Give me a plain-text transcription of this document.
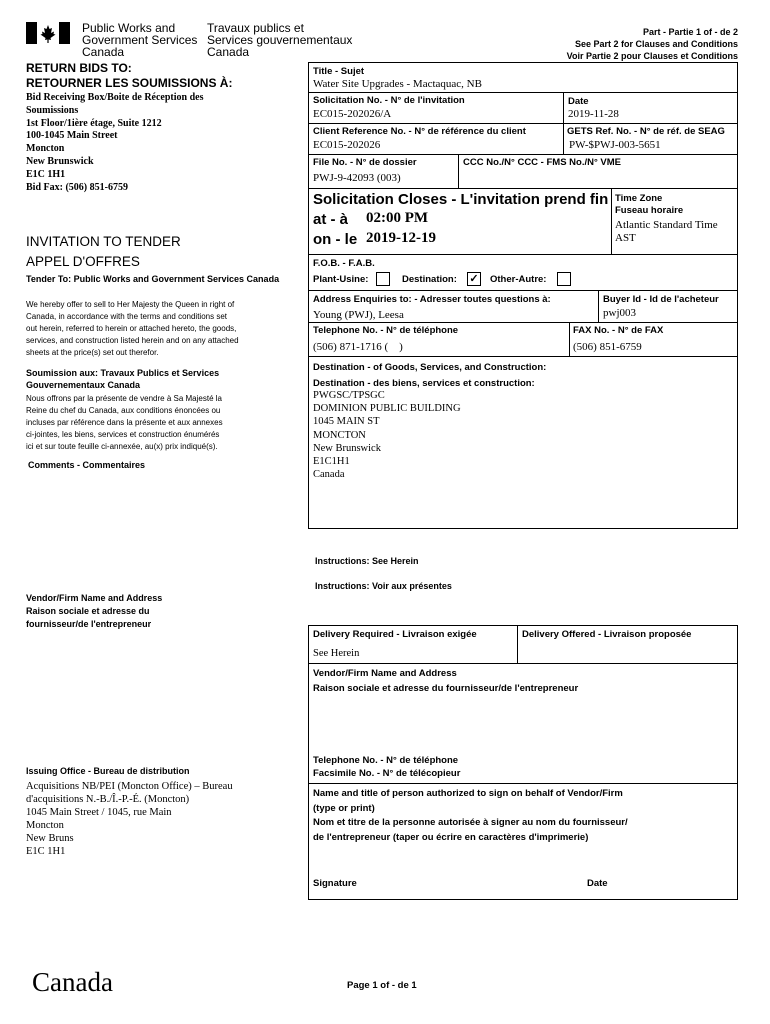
Public Works and
Government Services
Canada
Travaux publics et
Services gouvernementaux
Canada
Part - Partie 1 of - de 2
See Part 2 for Clauses and Conditions
Voir Partie 2 pour Clauses et Conditions
RETURN BIDS TO:
RETOURNER LES SOUMISSIONS À:
Bid Receiving Box/Boite de Réception des
Soumissions
1st Floor/1ière étage, Suite 1212
100-1045 Main Street
Moncton
New Brunswick
E1C 1H1
Bid Fax: (506) 851-6759
INVITATION TO TENDER
APPEL D'OFFRES
Tender To: Public Works and Government Services Canada
We hereby offer to sell to Her Majesty the Queen in right of
Canada, in accordance with the terms and conditions set
out herein, referred to herein or attached hereto, the goods,
services, and construction listed herein and on any attached
sheets at the price(s) set out therefor.
Soumission aux: Travaux Publics et Services Gouvernementaux Canada
Nous offrons par la présente de vendre à Sa Majesté la
Reine du chef du Canada, aux conditions énoncées ou
incluses par référence dans la présente et aux annexes
ci-jointes, les biens, services et construction énumérés
ici et sur toute feuille ci-annexée, au(x) prix indiqué(s).
Comments - Commentaires
Vendor/Firm Name and Address
Raison sociale et adresse du
fournisseur/de l'entrepreneur
Issuing Office - Bureau de distribution
Acquisitions NB/PEI (Moncton Office) – Bureau
d'acquisitions N.-B./Î.-P.-É. (Moncton)
1045 Main Street / 1045, rue Main
Moncton
New Bruns
E1C 1H1
Title - Sujet
Water Site Upgrades - Mactaquac, NB
Solicitation No. - N° de l'invitation
EC015-202026/A
Date
2019-11-28
Client Reference No. - N° de référence du client
EC015-202026
GETS Ref. No. - N° de réf. de SEAG
PW-$PWJ-003-5651
File No. - N° de dossier
PWJ-9-42093 (003)
CCC No./N° CCC - FMS No./N° VME
Solicitation Closes - L'invitation prend fin
at - à 02:00 PM
on - le 2019-12-19
Time Zone
Fuseau horaire
Atlantic Standard Time
AST
F.O.B. - F.A.B.
Plant-Usine:	Destination: ✓ Other-Autre:
Address Enquiries to: - Adresser toutes questions à:
Young (PWJ), Leesa
Buyer Id - Id de l'acheteur
pwj003
Telephone No. - N° de téléphone
(506) 871-1716 (    )
FAX No. - N° de FAX
(506) 851-6759
Destination - of Goods, Services, and Construction:
Destination - des biens, services et construction:
PWGSC/TPSGC
DOMINION PUBLIC BUILDING
1045 MAIN ST
MONCTON
New Brunswick
E1C1H1
Canada
Instructions: See Herein
Instructions: Voir aux présentes
Delivery Required - Livraison exigée
See Herein
Delivery Offered - Livraison proposée
Vendor/Firm Name and Address
Raison sociale et adresse du fournisseur/de l'entrepreneur
Telephone No. - N° de téléphone
Facsimile No. - N° de télécopieur
Name and title of person authorized to sign on behalf of Vendor/Firm
(type or print)
Nom et titre de la personne autorisée à signer au nom du fournisseur/
de l'entrepreneur (taper ou écrire en caractères d'imprimerie)
Signature	Date
Canada	Page 1 of - de 1
